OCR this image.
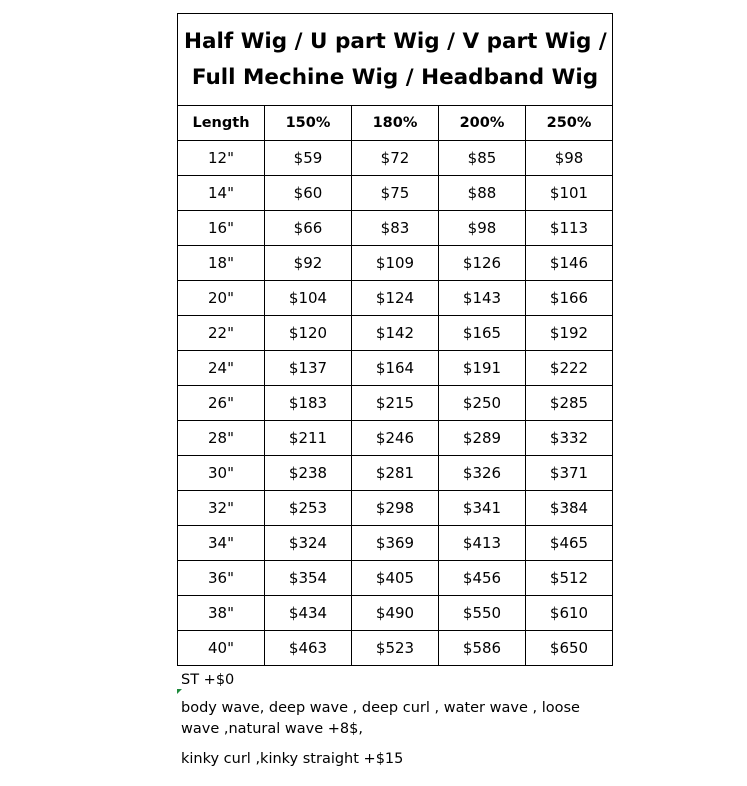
Half Wig / U part Wig / V part Wig /
Full Mechine Wig / Headband Wig				

Length	150%	180%	200%	250%
12"	$59	$72	$85	$98
14"	$60	$75	$88	$101
16"	$66	$83	$98	$113
18"	$92	$109	$126	$146
20"	$104	$124	$143	$166
22"	$120	$142	$165	$192
24"	$137	$164	$191	$222
26"	$183	$215	$250	$285
28"	$211	$246	$289	$332
30"	$238	$281	$326	$371
32"	$253	$298	$341	$384
34"	$324	$369	$413	$465
36"	$354	$405	$456	$512
38"	$434	$490	$550	$610
40"	$463	$523	$586	$650
ST +$0
body wave, deep wave , deep curl , water wave , loose wave ,natural wave +8$,
kinky curl ,kinky straight +$15
